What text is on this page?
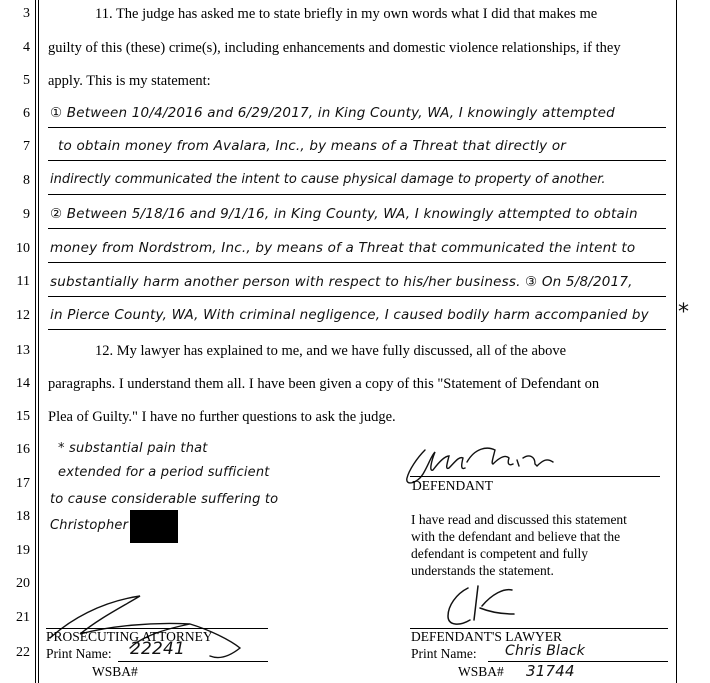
3
4
5
6
7
8
9
10
11
12
13
14
15
16
17
18
19
20
21
22
11. The judge has asked me to state briefly in my own words what I did that makes me
guilty of this (these) crime(s), including enhancements and domestic violence relationships, if they
apply. This is my statement:
① Between 10/4/2016 and 6/29/2017, in King County, WA, I knowingly attempted
to obtain money from Avalara, Inc., by means of a Threat that directly or
indirectly communicated the intent to cause physical damage to property of another.
② Between 5/18/16 and 9/1/16, in King County, WA, I knowingly attempted to obtain
money from Nordstrom, Inc., by means of a Threat that communicated the intent to
substantially harm another person with respect to his/her business. ③ On 5/8/2017,
in Pierce County, WA, With criminal negligence, I caused bodily harm accompanied by *
12. My lawyer has explained to me, and we have fully discussed, all of the above
paragraphs. I understand them all. I have been given a copy of this "Statement of Defendant on
Plea of Guilty." I have no further questions to ask the judge.
* substantial pain that
extended for a period sufficient
to cause considerable suffering to
Christopher
DEFENDANT
I have read and discussed this statement
with the defendant and believe that the
defendant is competent and fully
understands the statement.
PROSECUTING ATTORNEY
Print Name: 22241
WSBA#
DEFENDANT'S LAWYER
Print Name: Chris Black
WSBA# 31744
